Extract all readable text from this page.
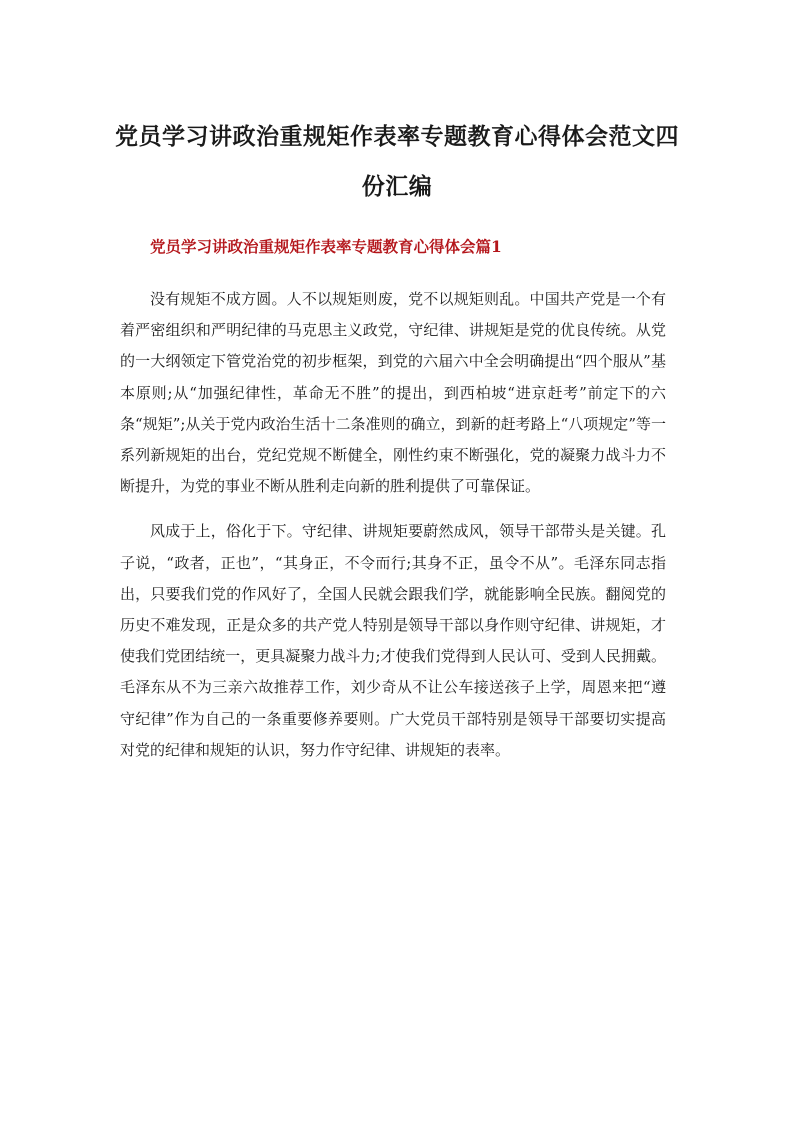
党员学习讲政治重规矩作表率专题教育心得体会范文四份汇编
党员学习讲政治重规矩作表率专题教育心得体会篇1

没有规矩不成方圆。人不以规矩则废，党不以规矩则乱。中国共产党是一个有着严密组织和严明纪律的马克思主义政党，守纪律、讲规矩是党的优良传统。从党的一大纲领定下管党治党的初步框架，到党的六届六中全会明确提出“四个服从”基本原则;从“加强纪律性，革命无不胜”的提出，到西柏坡“进京赶考”前定下的六条“规矩”;从关于党内政治生活十二条准则的确立，到新的赶考路上“八项规定”等一系列新规矩的出台，党纪党规不断健全，刚性约束不断强化，党的凝聚力战斗力不断提升，为党的事业不断从胜利走向新的胜利提供了可靠保证。

风成于上，俗化于下。守纪律、讲规矩要蔚然成风，领导干部带头是关键。孔子说，“政者，正也”，“其身正，不令而行;其身不正，虽令不从”。毛泽东同志指出，只要我们党的作风好了，全国人民就会跟我们学，就能影响全民族。翻阅党的历史不难发现，正是众多的共产党人特别是领导干部以身作则守纪律、讲规矩，才使我们党团结统一，更具凝聚力战斗力;才使我们党得到人民认可、受到人民拥戴。毛泽东从不为三亲六故推荐工作，刘少奇从不让公车接送孩子上学，周恩来把“遵守纪律”作为自己的一条重要修养要则。广大党员干部特别是领导干部要切实提高对党的纪律和规矩的认识，努力作守纪律、讲规矩的表率。
